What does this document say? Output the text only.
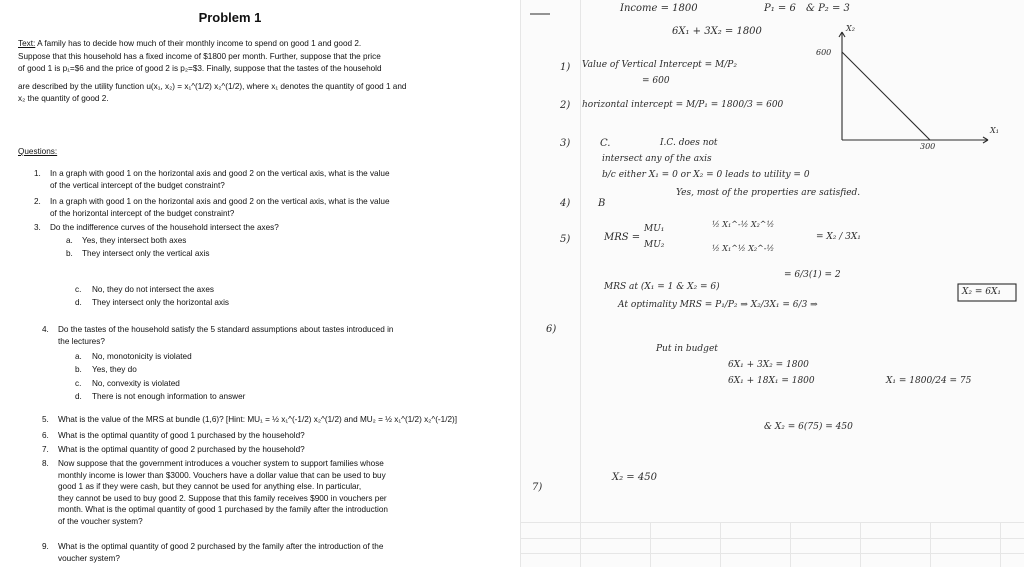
Problem 1
Text: A family has to decide how much of their monthly income to spend on good 1 and good 2.
Suppose that this household has a fixed income of $1800 per month. Further, suppose that the price
of good 1 is p₁=$6 and the price of good 2 is p₂=$3. Finally, suppose that the tastes of the household
are described by the utility function u(x₁, x₂) = x₁^(1/2) x₂^(1/2), where x₁ denotes the quantity of good 1 and
x₂ the quantity of good 2.
Questions:
1. In a graph with good 1 on the horizontal axis and good 2 on the vertical axis, what is the value
of the vertical intercept of the budget constraint?
2. In a graph with good 1 on the horizontal axis and good 2 on the vertical axis, what is the value
of the horizontal intercept of the budget constraint?
3. Do the indifference curves of the household intersect the axes?
a. Yes, they intersect both axes
b. They intersect only the vertical axis
c. No, they do not intersect the axes
d. They intersect only the horizontal axis
4. Do the tastes of the household satisfy the 5 standard assumptions about tastes introduced in
the lectures?
a. No, monotonicity is violated
b. Yes, they do
c. No, convexity is violated
d. There is not enough information to answer
5. What is the value of the MRS at bundle (1,6)? [Hint: MU₁ = ½ x₁^(-1/2) x₂^(1/2) and MU₂ = ½ x₁^(1/2) x₂^(-1/2)]
6. What is the optimal quantity of good 1 purchased by the household?
7. What is the optimal quantity of good 2 purchased by the household?
8. Now suppose that the government introduces a voucher system to support families whose
monthly income is lower than $3000. Vouchers have a dollar value that can be used to buy
good 1 as if they were cash, but they cannot be used for anything else. In particular,
they cannot be used to buy good 2. Suppose that this family receives $900 in vouchers per
month. What is the optimal quantity of good 1 purchased by the family after the introduction
of the voucher system?
9. What is the optimal quantity of good 2 purchased by the family after the introduction of the
voucher system?
X₂
X₁
600
300
Income = 1800	P₁ = 6 & P₂ = 3
6X₁ + 3X₂ = 1800
1) Value of Vertical Intercept = M/P₂
= 600
2) horizontal intercept = M/P₁ = 1800/3 = 600
3)	C.	I.C. does not
intersect any of the axis
b/c either X₁ = 0 or X₂ = 0 leads to utility = 0
4)	B
Yes, most of the properties are satisfied.
5)	MRS =
MU₁
MU₂
½ X₁^-½ X₂^½
½ X₁^½ X₂^-½
= X₂ / 3X₁
MRS at (X₁ = 1 & X₂ = 6)
= 6/3(1) = 2
6)
At optimality MRS = P₁/P₂ ⇒ X₂/3X₁ = 6/3 ⇒
X₂ = 6X₁
Put in budget
6X₁ + 3X₂ = 1800
6X₁ + 18X₁ = 1800	X₁ = 1800/24 = 75
& X₂ = 6(75) = 450
7)
X₂ = 450
